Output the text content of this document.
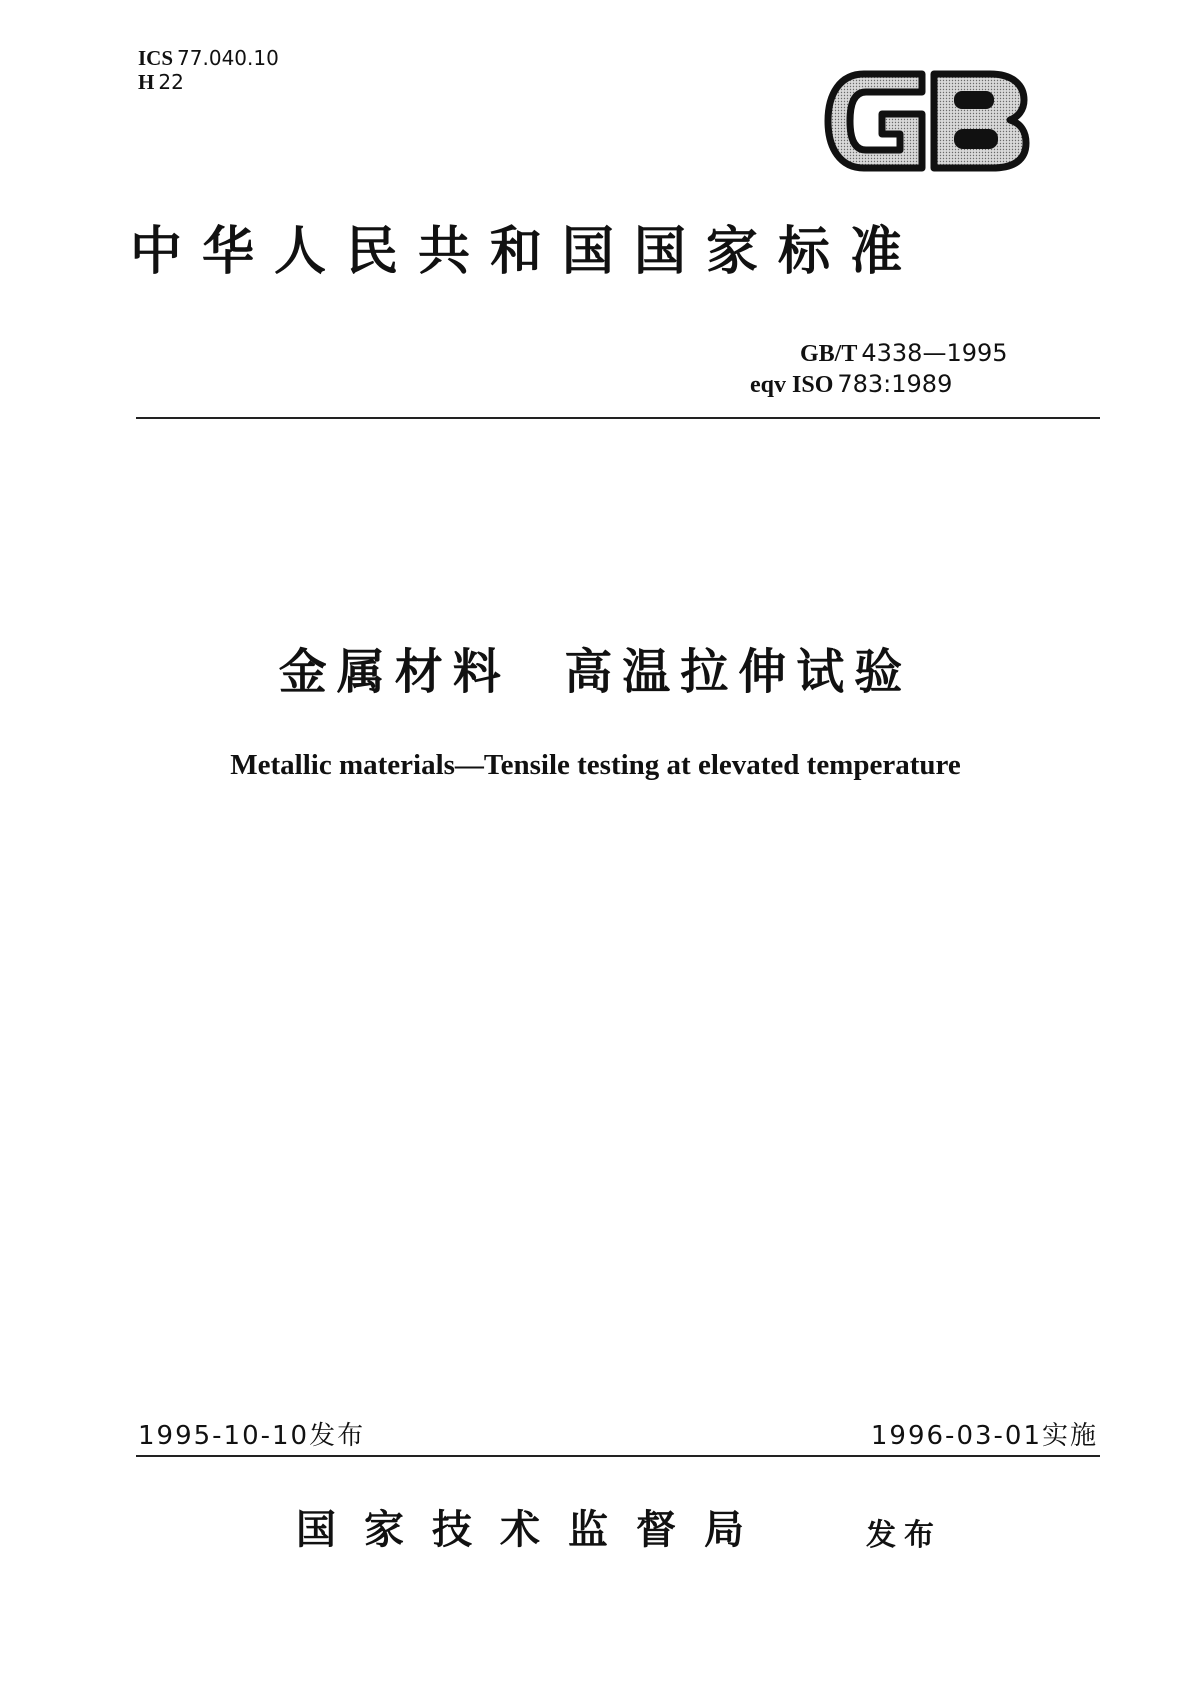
ICS 77.040.10
H 22
中华人民共和国国家标准
GB/T 4338—1995
eqv ISO 783:1989
金属材料  高温拉伸试验
Metallic materials—Tensile testing at elevated temperature
1995-10-10发布	1996-03-01实施
国家技术监督局	发布
